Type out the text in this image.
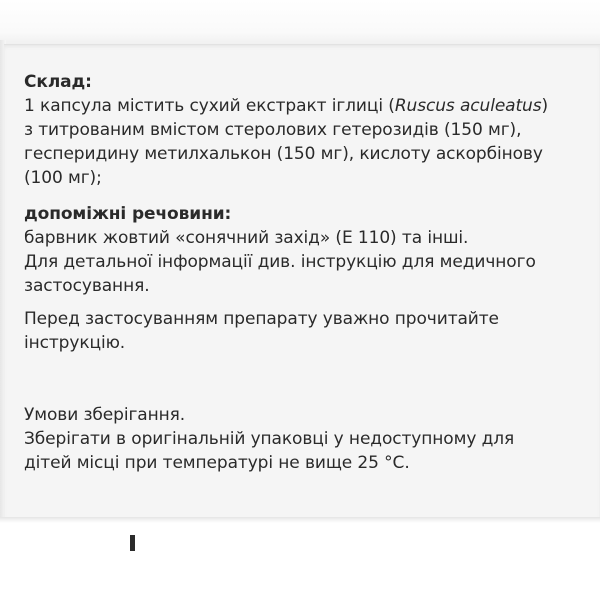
Склад:
1 капсула містить сухий екстракт іглиці (Ruscus aculeatus)
з титрованим вмістом стеролових гетерозидів (150 мг),
гесперидину метилхалькон (150 мг), кислоту аскорбінову
(100 мг);
допоміжні речовини:
барвник жовтий «сонячний захід» (E 110) та інші.
Для детальної інформації див. інструкцію для медичного
застосування.
Перед застосуванням препарату уважно прочитайте
інструкцію.
Умови зберігання.
Зберігати в оригінальній упаковці у недоступному для
дітей місці при температурі не вище 25 °С.
